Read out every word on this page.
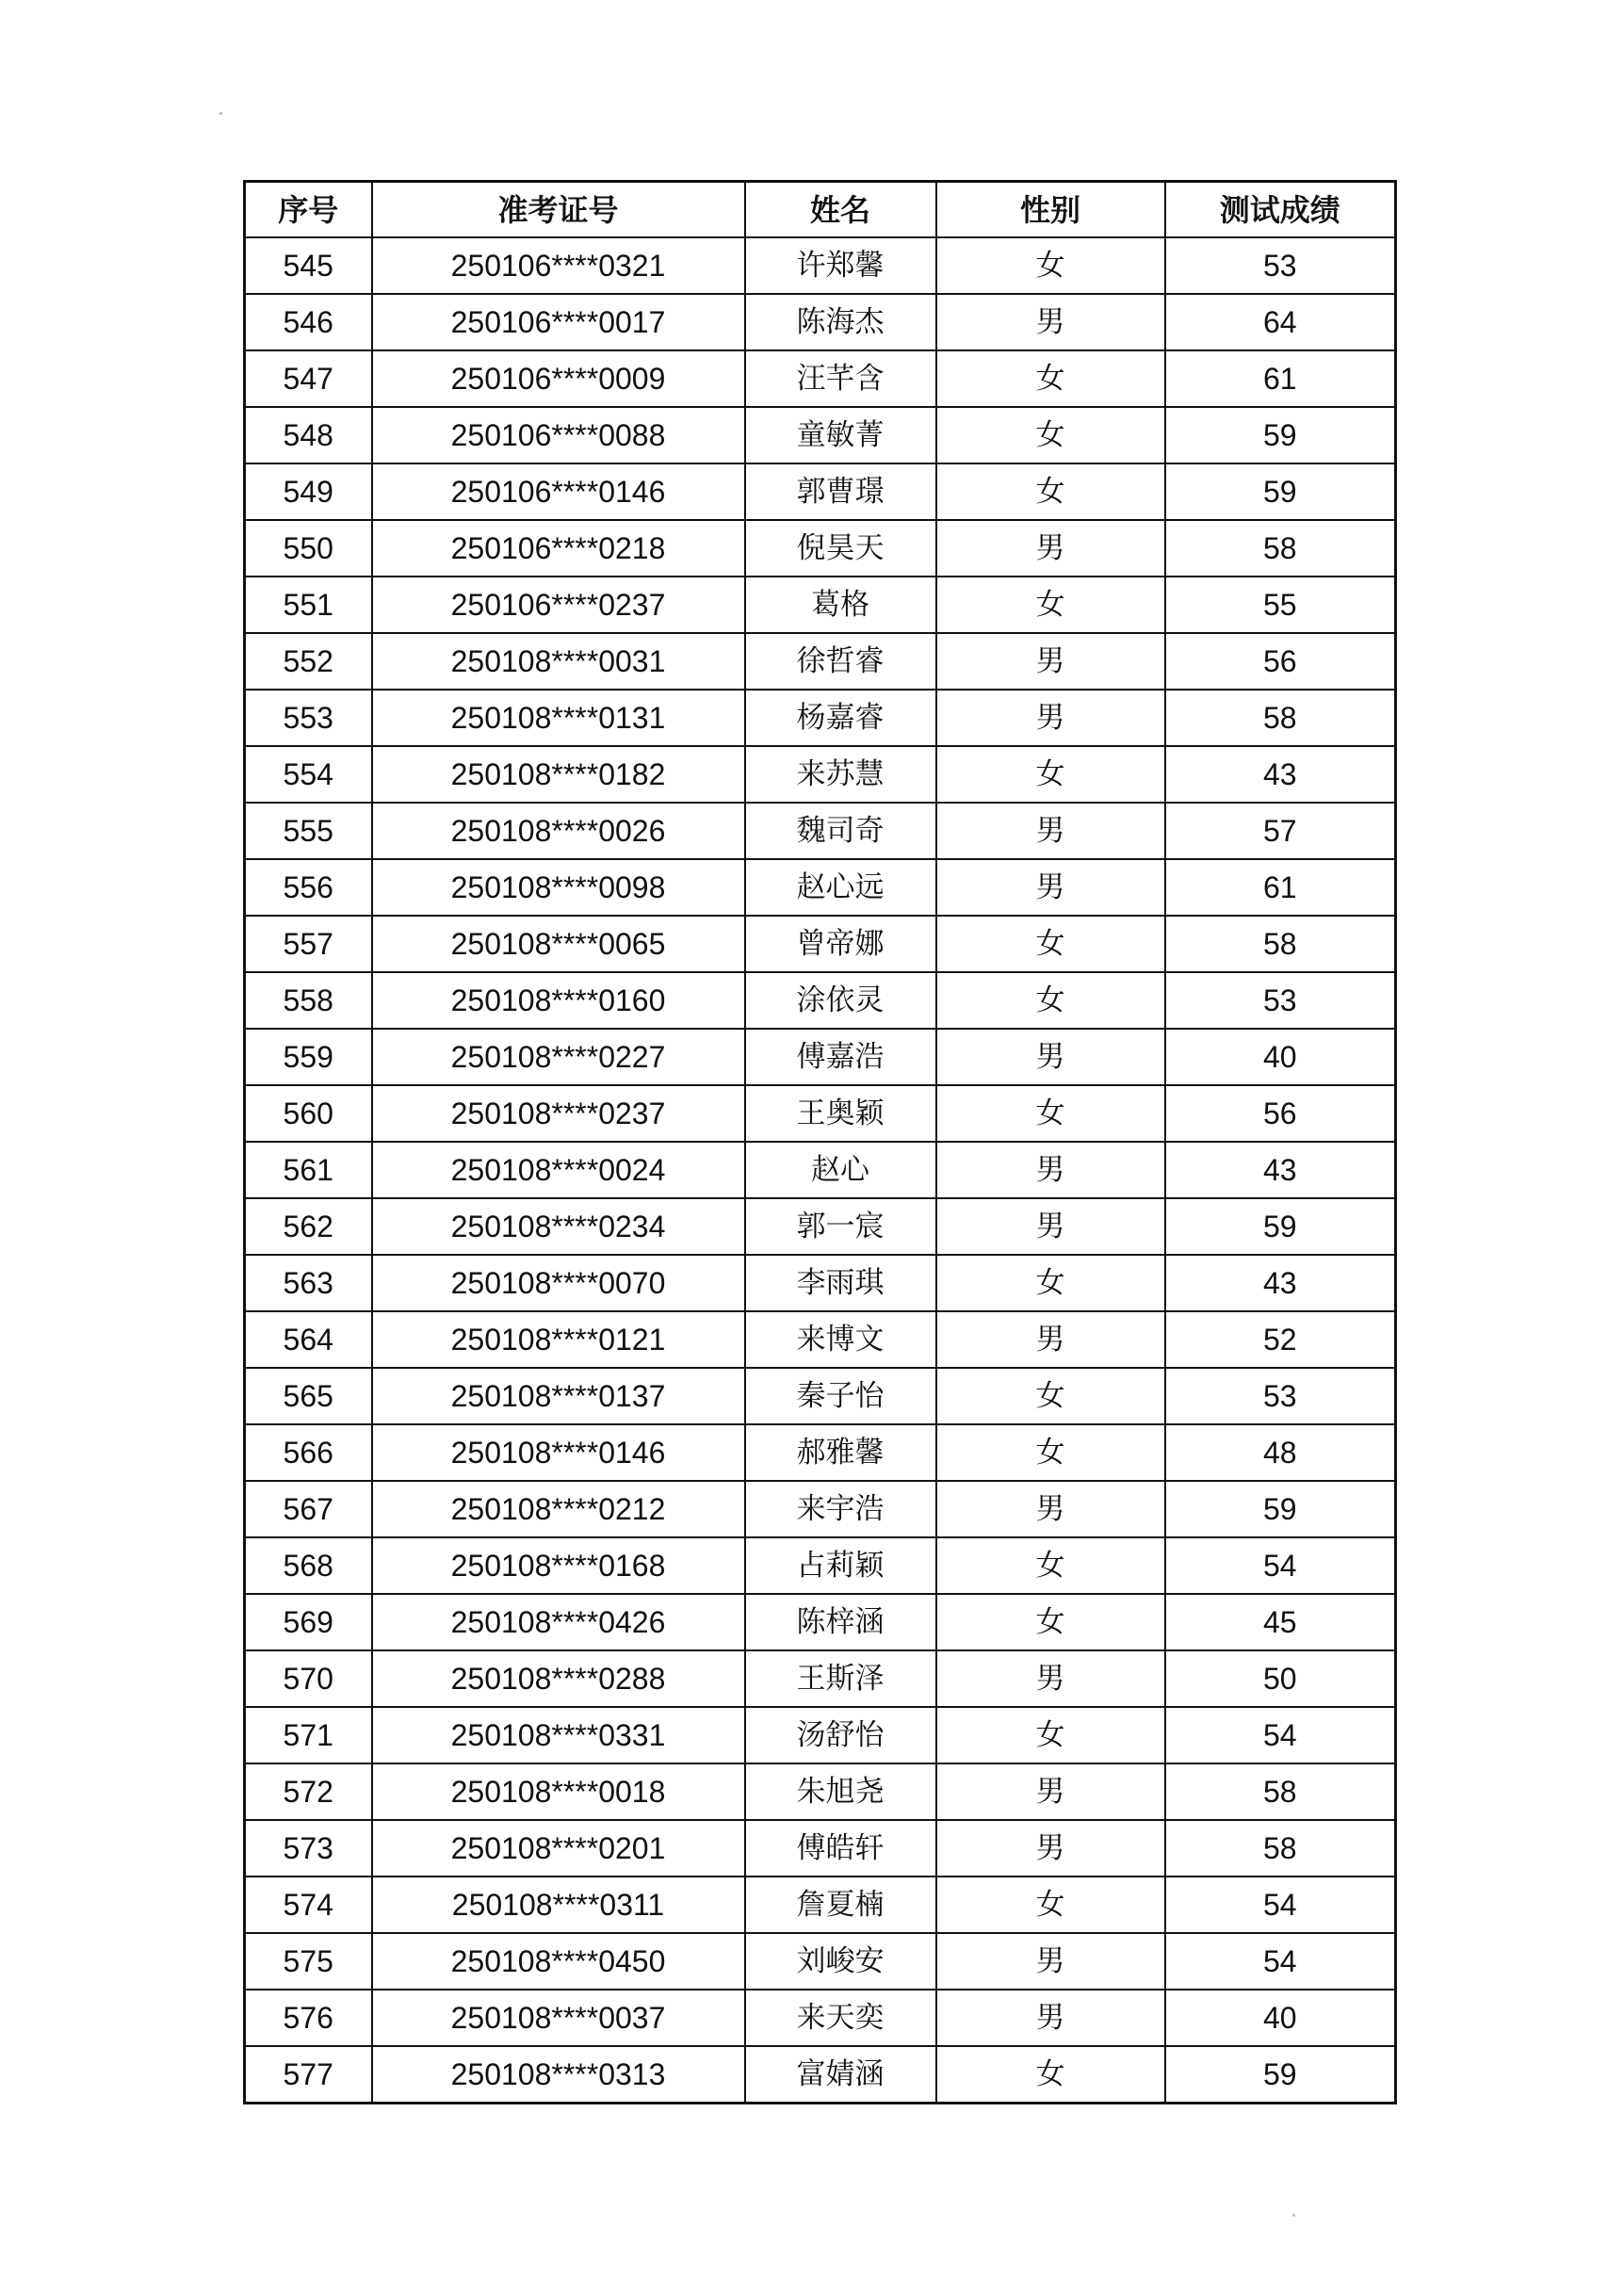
序号	准考证号	姓名	性别	测试成绩
545	250106****0321	许郑馨	女	53
546	250106****0017	陈海杰	男	64
547	250106****0009	汪芊含	女	61
548	250106****0088	童敏菁	女	59
549	250106****0146	郭曹璟	女	59
550	250106****0218	倪昊天	男	58
551	250106****0237	葛格	女	55
552	250108****0031	徐哲睿	男	56
553	250108****0131	杨嘉睿	男	58
554	250108****0182	来苏慧	女	43
555	250108****0026	魏司奇	男	57
556	250108****0098	赵心远	男	61
557	250108****0065	曾帝娜	女	58
558	250108****0160	涂依灵	女	53
559	250108****0227	傅嘉浩	男	40
560	250108****0237	王奥颖	女	56
561	250108****0024	赵心	男	43
562	250108****0234	郭一宸	男	59
563	250108****0070	李雨琪	女	43
564	250108****0121	来博文	男	52
565	250108****0137	秦子怡	女	53
566	250108****0146	郝雅馨	女	48
567	250108****0212	来宇浩	男	59
568	250108****0168	占莉颖	女	54
569	250108****0426	陈梓涵	女	45
570	250108****0288	王斯泽	男	50
571	250108****0331	汤舒怡	女	54
572	250108****0018	朱旭尧	男	58
573	250108****0201	傅皓轩	男	58
574	250108****0311	詹夏楠	女	54
575	250108****0450	刘峻安	男	54
576	250108****0037	来天奕	男	40
577	250108****0313	富婧涵	女	59
